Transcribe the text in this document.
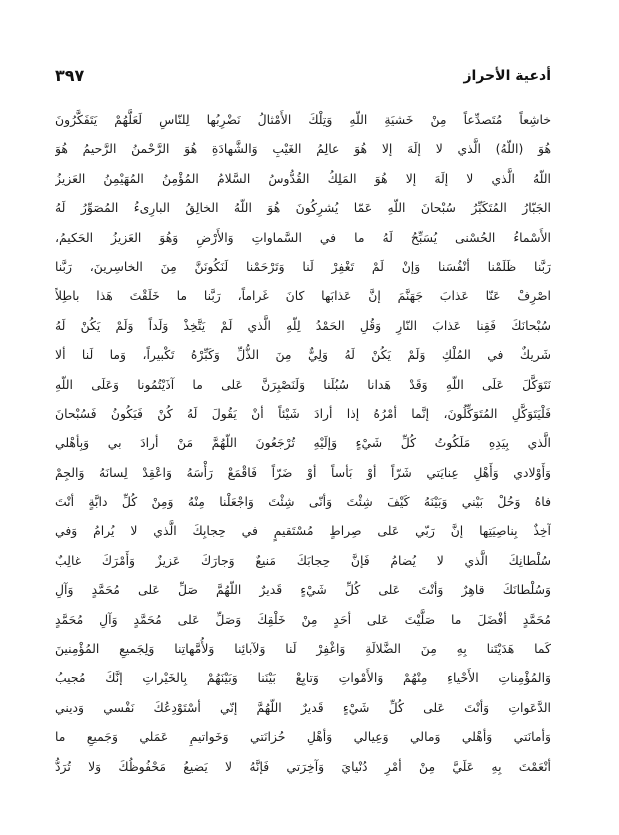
أدعية الأحراز
٣٩٧
خاشِعاً مُتَصدِّعاً مِنْ خَشيَةِ اللّهِ وَتِلْكَ الأَمْثالُ نَضْرِبُها لِلنّاسِ لَعَلَّهُمْ يَتَفَكَّرُونَ
هُوَ (اللّهُ) الَّذي لا إلَهَ إلا هُوَ عالِمُ الغَيْبِ وَالشَّهادَةِ هُوَ الرَّحْمنُ الرَّحيمُ هُوَ
اللّهُ الَّذي لا إلَهَ إلا هُوَ المَلِكُ القُدُّوسُ السَّلامُ المُؤْمِنُ المُهَيْمِنُ العَزيزُ
الجَبّارُ المُتَكَبِّرُ سُبْحانَ اللّهِ عَمّا يُشرِكُونَ هُوَ اللّهُ الخالِقُ البارِىءُ المُصَوِّرُ لَهُ
الأَسْماءُ الحُسْنى يُسَبِّحُ لَهُ ما في السَّماواتِ وَالأَرْضِ وَهُوَ العَزيزُ الحَكيمُ،
رَبَّنا ظَلَمْنا أنْفُسَنا وَإنْ لَمْ تَغْفِرْ لَنا وَتَرْحَمْنا لَنَكُونَنَّ مِنَ الخاسِرينَ، رَبَّنا
اصْرِفْ عَنّا عَذابَ جَهَنَّمَ إنَّ عَذابَها كانَ غَراماً، رَبَّنا ما خَلَقْتَ هَذا باطِلاً
سُبْحانَكَ فَقِنا عَذابَ النّارِ وَقُلِ الحَمْدُ لِلّهِ الَّذي لَمْ يَتَّخِذْ وَلَداً وَلَمْ يَكُنْ لَهُ
شَريكٌ في المُلْكِ وَلَمْ يَكُنْ لَهُ وَلِيٌّ مِنَ الذُّلِّ وَكَبِّرْهُ تَكْبيراً، وَما لَنا ألا
نَتَوَكَّلَ عَلَى اللّهِ وَقَدْ هَدانا سُبُلَنا وَلَنَصْبِرَنَّ عَلى ما آذَيْتُمُونا وَعَلَى اللّهِ
فَلْيَتَوَكَّلِ المُتَوَكِّلُونَ، إنَّما أمْرُهُ إذا أرادَ شَيْئاً أنْ يَقُولَ لَهُ كُنْ فَيَكُونُ فَسُبْحانَ
الَّذي بِيَدِهِ مَلَكُوتُ كُلِّ شَيْءٍ وَإلَيْهِ تُرْجَعُونَ اللّهُمَّ مَنْ أرادَ بي وَبِأهْلي
وَأَوْلادي وَأَهْلِ عِنايَتي شَرّاً أوْ بَأساً أوْ ضَرّاً فَاقْمَعْ رَأْسَهُ وَاعْقِدْ لِسانَهُ وَالجِمْ
فاهُ وَحُلْ بَيْني وَبَيْنَهُ كَيْفَ شِئْتَ وَأنّى شِئْتَ وَاجْعَلْنا مِنْهُ وَمِنْ كُلِّ دابَّةٍ أنْتَ
آخِذٌ بِناصِيَتِها إنَّ رَبّي عَلى صِراطٍ مُسْتَقيمٍ في حِجابِكَ الَّذي لا يُرامُ وَفي
سُلْطانِكَ الَّذي لا يُضامُ فَإنَّ حِجابَكَ مَنيعٌ وَجارَكَ عَزيزٌ وَأَمْرَكَ غالِبٌ
وَسُلْطانَكَ قاهِرٌ وَأنْتَ عَلى كُلِّ شَيْءٍ قَديرٌ اللّهُمَّ صَلِّ عَلى مُحَمَّدٍ وَآلِ
مُحَمَّدٍ أفْضَلَ ما صَلَّيْتَ عَلى أحَدٍ مِنْ خَلْقِكَ وَصَلِّ عَلى مُحَمَّدٍ وَآلِ مُحَمَّدٍ
كَما هَدَيْتَنا بِهِ مِنَ الضَّلالَةِ وَاغْفِرْ لَنا وَلآبائِنا وَلأُمَّهاتِنا وَلِجَميعِ المُؤْمِنينَ
وَالمُؤْمِناتِ الأَحْياءِ مِنْهُمْ وَالأَمْواتِ وَتابِعْ بَيْنَنا وَبَيْنَهُمْ بِالخَيْراتِ إنَّكَ مُجيبُ
الدَّعَواتِ وَأنْتَ عَلى كُلِّ شَيْءٍ قَديرٌ اللّهُمَّ إنّي أسْتَوْدِعُكَ نَفْسي وَديني
وَأمانَتي وَأهْلي وَمالي وَعِيالي وَأهْلِ حُزانَتي وَخَواتيمِ عَمَلي وَجَميعِ ما
أنْعَمْتَ بِهِ عَلَيَّ مِنْ أمْرِ دُنْيايَ وَآخِرَتي فَإنَّهُ لا يَضيعُ مَحْفُوظُكَ وَلا تُرَدُّ
